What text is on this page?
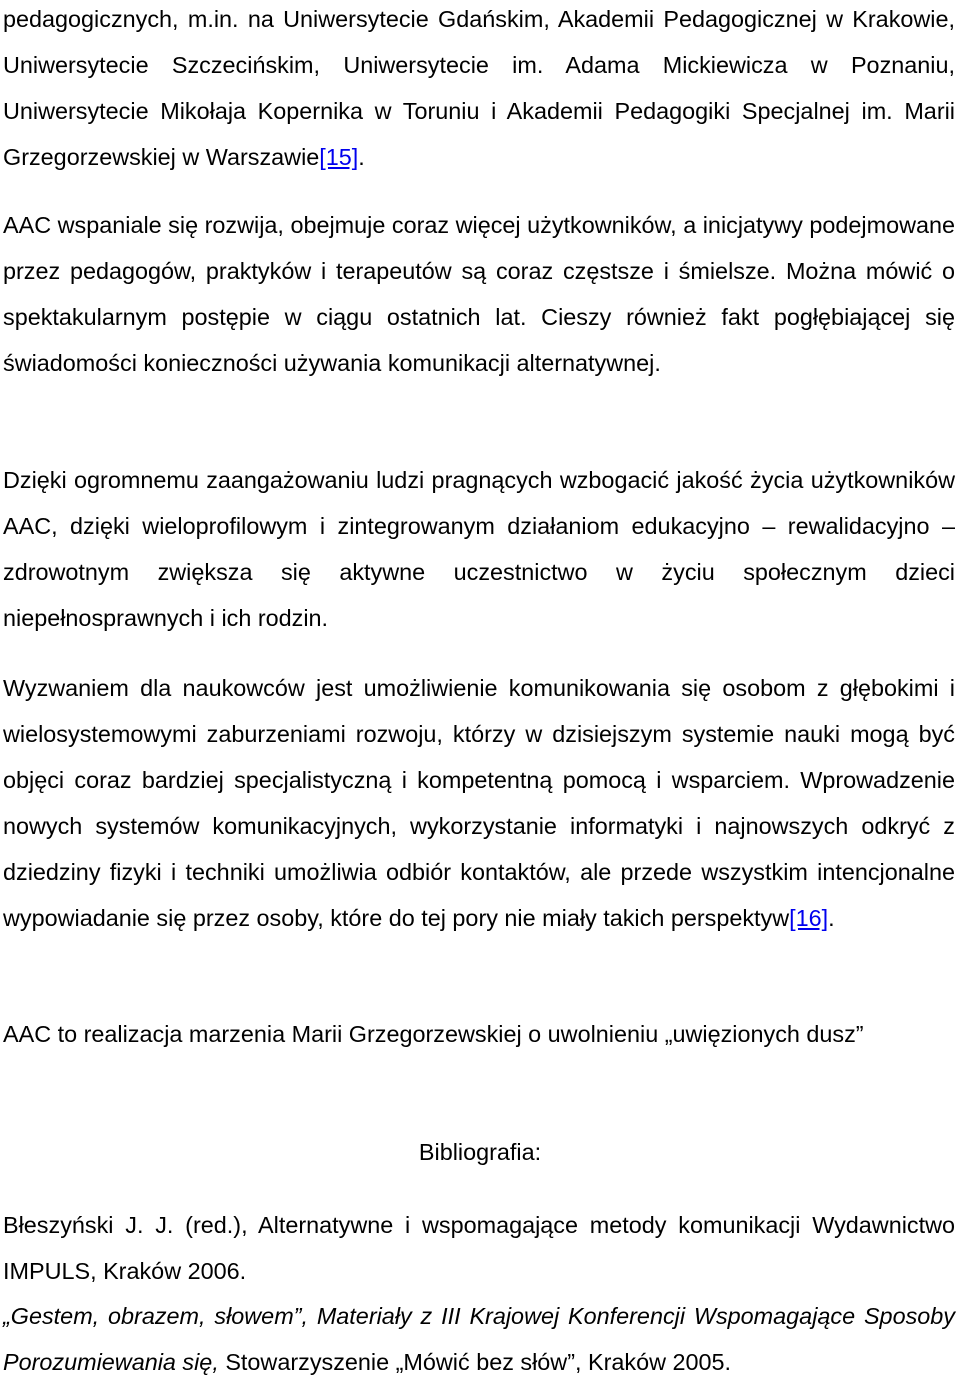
pedagogicznych, m.in. na Uniwersytecie Gdańskim, Akademii Pedagogicznej w Krakowie, Uniwersytecie Szczecińskim, Uniwersytecie im. Adama Mickiewicza w Poznaniu, Uniwersytecie Mikołaja Kopernika w Toruniu i Akademii Pedagogiki Specjalnej im. Marii Grzegorzewskiej w Warszawie[15].

AAC wspaniale się rozwija, obejmuje coraz więcej użytkowników, a inicjatywy podejmowane przez pedagogów, praktyków i terapeutów są coraz częstsze i śmielsze. Można mówić o spektakularnym postępie w ciągu ostatnich lat. Cieszy również fakt pogłębiającej się świadomości konieczności używania komunikacji alternatywnej.

Dzięki ogromnemu zaangażowaniu ludzi pragnących wzbogacić jakość życia użytkowników AAC, dzięki wieloprofilowym i zintegrowanym działaniom edukacyjno – rewalidacyjno – zdrowotnym zwiększa się aktywne uczestnictwo w życiu społecznym dzieci niepełnosprawnych i ich rodzin.

Wyzwaniem dla naukowców jest umożliwienie komunikowania się osobom z głębokimi i wielosystemowymi zaburzeniami rozwoju, którzy w dzisiejszym systemie nauki mogą być objęci coraz bardziej specjalistyczną i kompetentną pomocą i wsparciem. Wprowadzenie nowych systemów komunikacyjnych, wykorzystanie informatyki i najnowszych odkryć z dziedziny fizyki i techniki umożliwia odbiór kontaktów, ale przede wszystkim intencjonalne wypowiadanie się przez osoby, które do tej pory nie miały takich perspektyw[16].

AAC to realizacja marzenia Marii Grzegorzewskiej o uwolnieniu „uwięzionych dusz”

Bibliografia:

Błeszyński J. J. (red.), Alternatywne i wspomagające metody komunikacji Wydawnictwo IMPULS, Kraków 2006.

„Gestem, obrazem, słowem”, Materiały z III Krajowej Konferencji Wspomagające Sposoby Porozumiewania się, Stowarzyszenie „Mówić bez słów”, Kraków 2005.
